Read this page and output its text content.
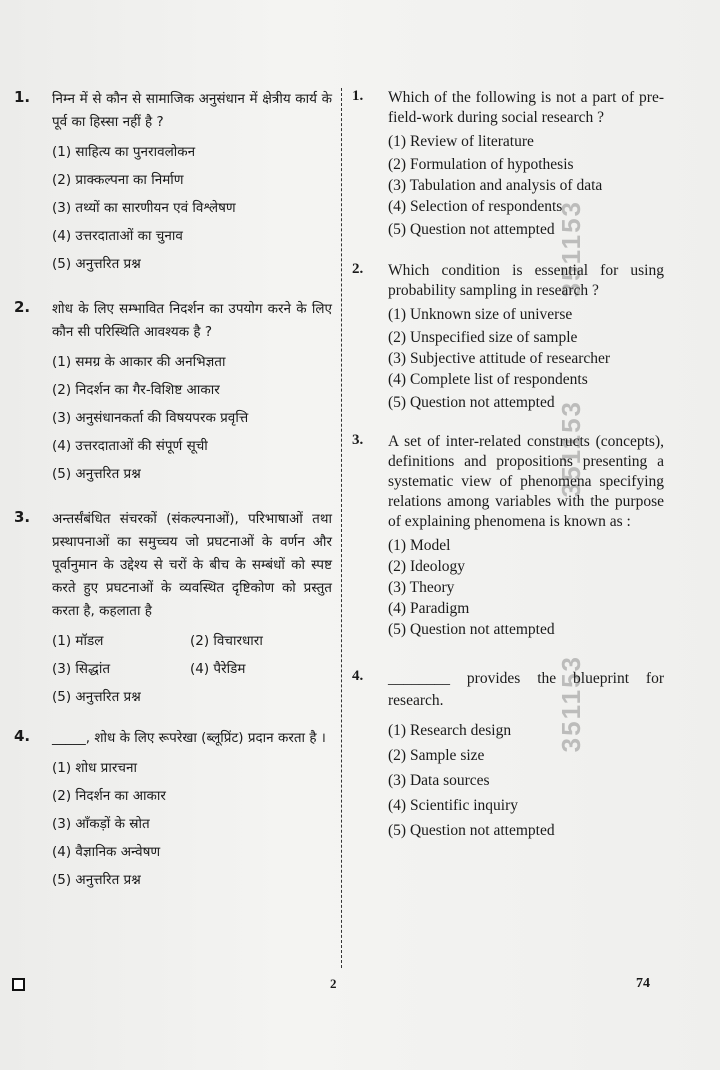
351153
351153
351153
1. निम्न में से कौन से सामाजिक अनुसंधान में क्षेत्रीय कार्य के पूर्व का हिस्सा नहीं है ?
(1) साहित्य का पुनरावलोकन
(2) प्राक्कल्पना का निर्माण
(3) तथ्यों का सारणीयन एवं विश्लेषण
(4) उत्तरदाताओं का चुनाव
(5) अनुत्तरित प्रश्न
2. शोध के लिए सम्भावित निदर्शन का उपयोग करने के लिए कौन सी परिस्थिति आवश्यक है ?
(1) समग्र के आकार की अनभिज्ञता
(2) निदर्शन का गैर-विशिष्ट आकार
(3) अनुसंधानकर्ता की विषयपरक प्रवृत्ति
(4) उत्तरदाताओं की संपूर्ण सूची
(5) अनुत्तरित प्रश्न
3. अन्तर्संबंधित संचरकों (संकल्पनाओं), परिभाषाओं तथा प्रस्थापनाओं का समुच्चय जो प्रघटनाओं के वर्णन और पूर्वानुमान के उद्देश्य से चरों के बीच के सम्बंधों को स्पष्ट करते हुए प्रघटनाओं के व्यवस्थित दृष्टिकोण को प्रस्तुत करता है, कहलाता है
(1) मॉडल	(2) विचारधारा
(3) सिद्धांत	(4) पैरेडिम
(5) अनुत्तरित प्रश्न
4. _____, शोध के लिए रूपरेखा (ब्लूप्रिंट) प्रदान करता है ।
(1) शोध प्रारचना
(2) निदर्शन का आकार
(3) आँकड़ों के स्रोत
(4) वैज्ञानिक अन्वेषण
(5) अनुत्तरित प्रश्न
1. Which of the following is not a part of pre-field-work during social research ?
(1) Review of literature
(2) Formulation of hypothesis
(3) Tabulation and analysis of data
(4) Selection of respondents
(5) Question not attempted
2. Which condition is essential for using probability sampling in research ?
(1) Unknown size of universe
(2) Unspecified size of sample
(3) Subjective attitude of researcher
(4) Complete list of respondents
(5) Question not attempted
3. A set of inter-related constructs (concepts), definitions and propositions presenting a systematic view of phenomena specifying relations among variables with the purpose of explaining phenomena is known as :
(1) Model
(2) Ideology
(3) Theory
(4) Paradigm
(5) Question not attempted
4. ________ provides the blueprint for research.
(1) Research design
(2) Sample size
(3) Data sources
(4) Scientific inquiry
(5) Question not attempted
2	74
